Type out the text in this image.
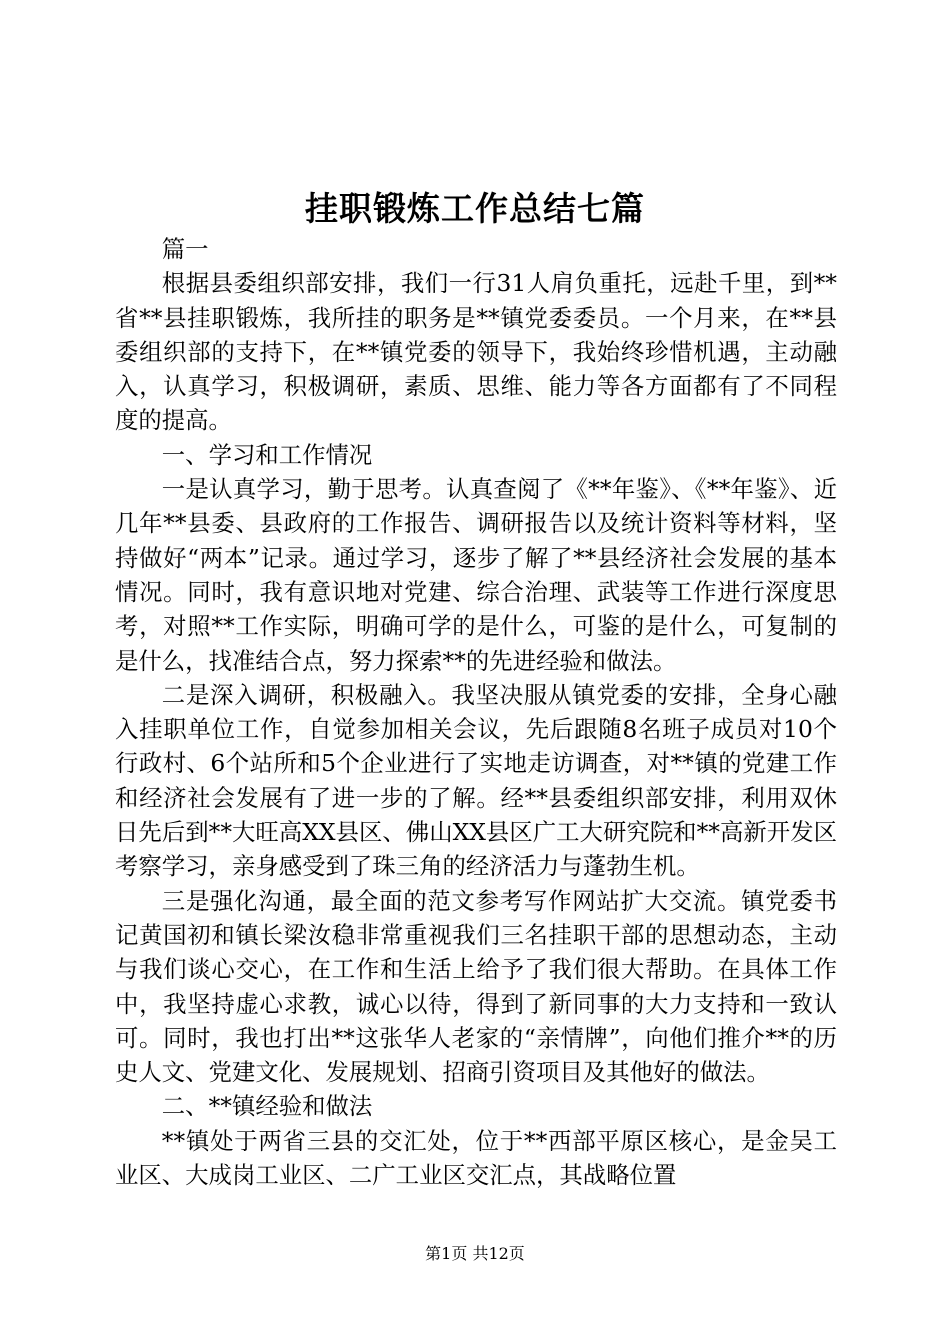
挂职锻炼工作总结七篇

篇一

根据县委组织部安排，我们一行31人肩负重托，远赴千里，到**省**县挂职锻炼，我所挂的职务是**镇党委委员。一个月来，在**县委组织部的支持下，在**镇党委的领导下，我始终珍惜机遇，主动融入，认真学习，积极调研，素质、思维、能力等各方面都有了不同程度的提高。

一、学习和工作情况

一是认真学习，勤于思考。认真查阅了《**年鉴》、《**年鉴》、近几年**县委、县政府的工作报告、调研报告以及统计资料等材料，坚持做好“两本”记录。通过学习，逐步了解了**县经济社会发展的基本情况。同时，我有意识地对党建、综合治理、武装等工作进行深度思考，对照**工作实际，明确可学的是什么，可鉴的是什么，可复制的是什么，找准结合点，努力探索**的先进经验和做法。

二是深入调研，积极融入。我坚决服从镇党委的安排，全身心融入挂职单位工作，自觉参加相关会议，先后跟随8名班子成员对10个行政村、6个站所和5个企业进行了实地走访调查，对**镇的党建工作和经济社会发展有了进一步的了解。经**县委组织部安排，利用双休日先后到**大旺高XX县区、佛山XX县区广工大研究院和**高新开发区考察学习，亲身感受到了珠三角的经济活力与蓬勃生机。

三是强化沟通，最全面的范文参考写作网站扩大交流。镇党委书记黄国初和镇长梁汝稳非常重视我们三名挂职干部的思想动态，主动与我们谈心交心，在工作和生活上给予了我们很大帮助。在具体工作中，我坚持虚心求教，诚心以待，得到了新同事的大力支持和一致认可。同时，我也打出**这张华人老家的“亲情牌”，向他们推介**的历史人文、党建文化、发展规划、招商引资项目及其他好的做法。

二、**镇经验和做法

**镇处于两省三县的交汇处，位于**西部平原区核心，是金吴工业区、大成岗工业区、二广工业区交汇点，其战略位置

第1页 共12页
